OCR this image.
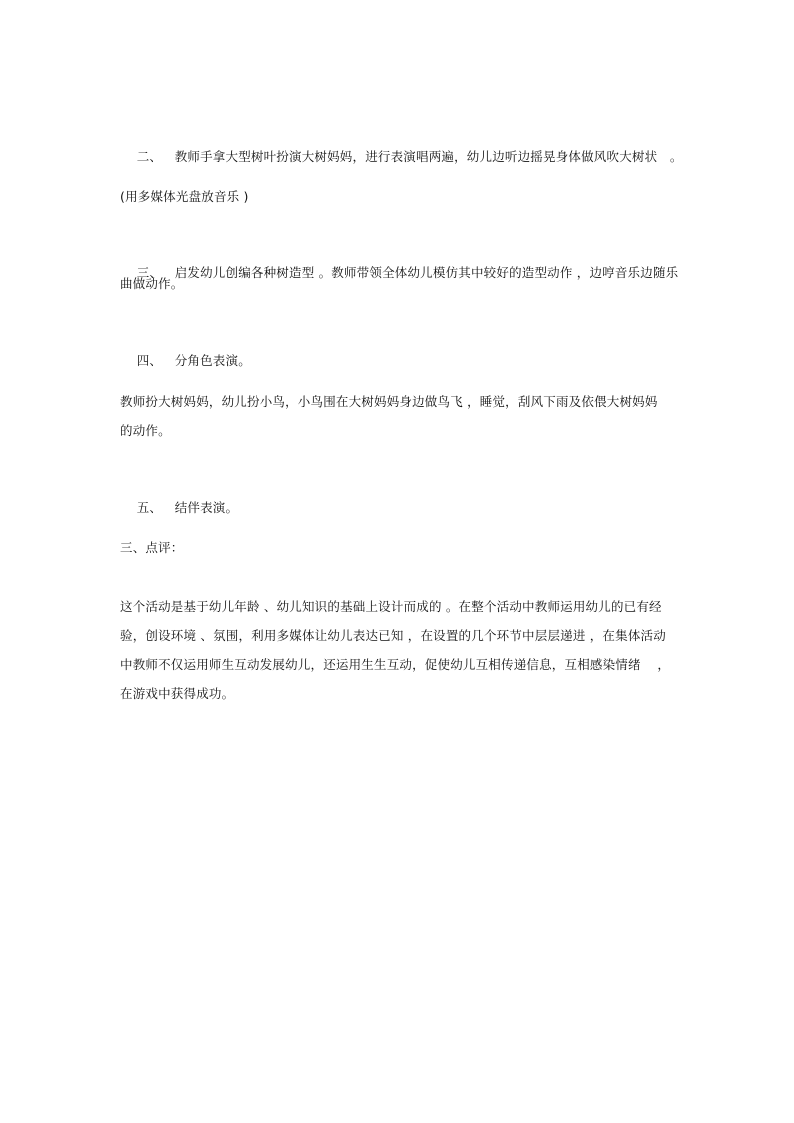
二、 教师手拿大型树叶扮演大树妈妈，进行表演唱两遍，幼儿边听边摇晃身体做风吹大树状   。

(用多媒体光盘放音乐 )

三、 启发幼儿创编各种树造型 。教师带领全体幼儿模仿其中较好的造型动作 ，边哼音乐边随乐

曲做动作。

四、 分角色表演。

教师扮大树妈妈，幼儿扮小鸟，小鸟围在大树妈妈身边做鸟飞 ，睡觉，刮风下雨及依偎大树妈妈
的动作。

五、 结伴表演。

三、点评：
这个活动是基于幼儿年龄 、幼儿知识的基础上设计而成的 。在整个活动中教师运用幼儿的已有经
验，创设环境 、氛围，利用多媒体让幼儿表达已知 ，在设置的几个环节中层层递进 ，在集体活动
中教师不仅运用师生互动发展幼儿，还运用生生互动，促使幼儿互相传递信息，互相感染情绪    ，
在游戏中获得成功。
